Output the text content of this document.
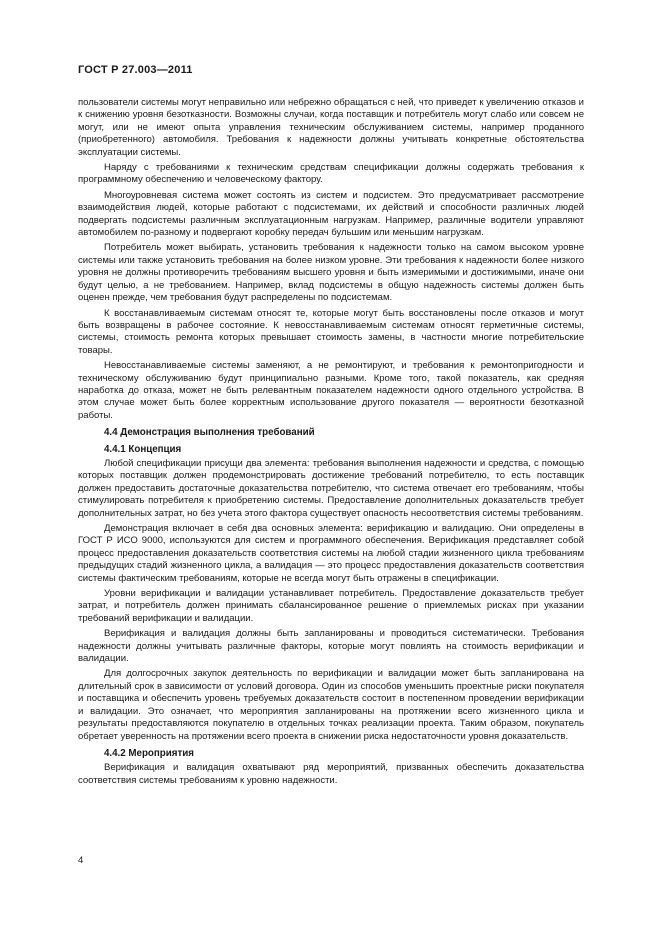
ГОСТ Р 27.003—2011

пользователи системы могут неправильно или небрежно обращаться с ней, что приведет к увеличению отказов и к снижению уровня безотказности. Возможны случаи, когда поставщик и потребитель могут слабо или совсем не могут, или не имеют опыта управления техническим обслуживанием системы, например проданного (приобретенного) автомобиля. Требования к надежности должны учитывать конкретные обстоятельства эксплуатации системы.

Наряду с требованиями к техническим средствам спецификации должны содержать требования к программному обеспечению и человеческому фактору.

Многоуровневая система может состоять из систем и подсистем. Это предусматривает рассмотрение взаимодействия людей, которые работают с подсистемами, их действий и способности различных людей подвергать подсистемы различным эксплуатационным нагрузкам. Например, различные водители управляют автомобилем по-разному и подвергают коробку передач бульшим или меньшим нагрузкам.

Потребитель может выбирать, установить требования к надежности только на самом высоком уровне системы или также установить требования на более низком уровне. Эти требования к надежности более низкого уровня не должны противоречить требованиям высшего уровня и быть измеримыми и достижимыми, иначе они будут целью, а не требованием. Например, вклад подсистемы в общую надежность системы должен быть оценен прежде, чем требования будут распределены по подсистемам.

К восстанавливаемым системам относят те, которые могут быть восстановлены после отказов и могут быть возвращены в рабочее состояние. К невосстанавливаемым системам относят герметичные системы, системы, стоимость ремонта которых превышает стоимость замены, в частности многие потребительские товары.

Невосстанавливаемые системы заменяют, а не ремонтируют, и требования к ремонтопригодности и техническому обслуживанию будут принципиально разными. Кроме того, такой показатель, как средняя наработка до отказа, может не быть релевантным показателем надежности одного отдельного устройства. В этом случае может быть более корректным использование другого показателя — вероятности безотказной работы.

4.4 Демонстрация выполнения требований
4.4.1 Концепция

Любой спецификации присущи два элемента: требования выполнения надежности и средства, с помощью которых поставщик должен продемонстрировать достижение требований потребителю, то есть поставщик должен предоставить достаточные доказательства потребителю, что система отвечает его требованиям, чтобы стимулировать потребителя к приобретению системы. Предоставление дополнительных доказательств требует дополнительных затрат, но без учета этого фактора существует опасность несоответствия системы требованиям.

Демонстрация включает в себя два основных элемента: верификацию и валидацию. Они определены в ГОСТ Р ИСО 9000, используются для систем и программного обеспечения. Верификация представляет собой процесс предоставления доказательств соответствия системы на любой стадии жизненного цикла требованиям предыдущих стадий жизненного цикла, а валидация — это процесс предоставления доказательств соответствия системы фактическим требованиям, которые не всегда могут быть отражены в спецификации.

Уровни верификации и валидации устанавливает потребитель. Предоставление доказательств требует затрат, и потребитель должен принимать сбалансированное решение о приемлемых рисках при указании требований верификации и валидации.

Верификация и валидация должны быть запланированы и проводиться систематически. Требования надежности должны учитывать различные факторы, которые могут повлиять на стоимость верификации и валидации.

Для долгосрочных закупок деятельность по верификации и валидации может быть запланирована на длительный срок в зависимости от условий договора. Один из способов уменьшить проектные риски покупателя и поставщика и обеспечить уровень требуемых доказательств состоит в постепенном проведении верификации и валидации. Это означает, что мероприятия запланированы на протяжении всего жизненного цикла и результаты предоставляются покупателю в отдельных точках реализации проекта. Таким образом, покупатель обретает уверенность на протяжении всего проекта в снижении риска недостаточности уровня доказательств.

4.4.2 Мероприятия

Верификация и валидация охватывают ряд мероприятий, призванных обеспечить доказательства соответствия системы требованиям к уровню надежности.

4
